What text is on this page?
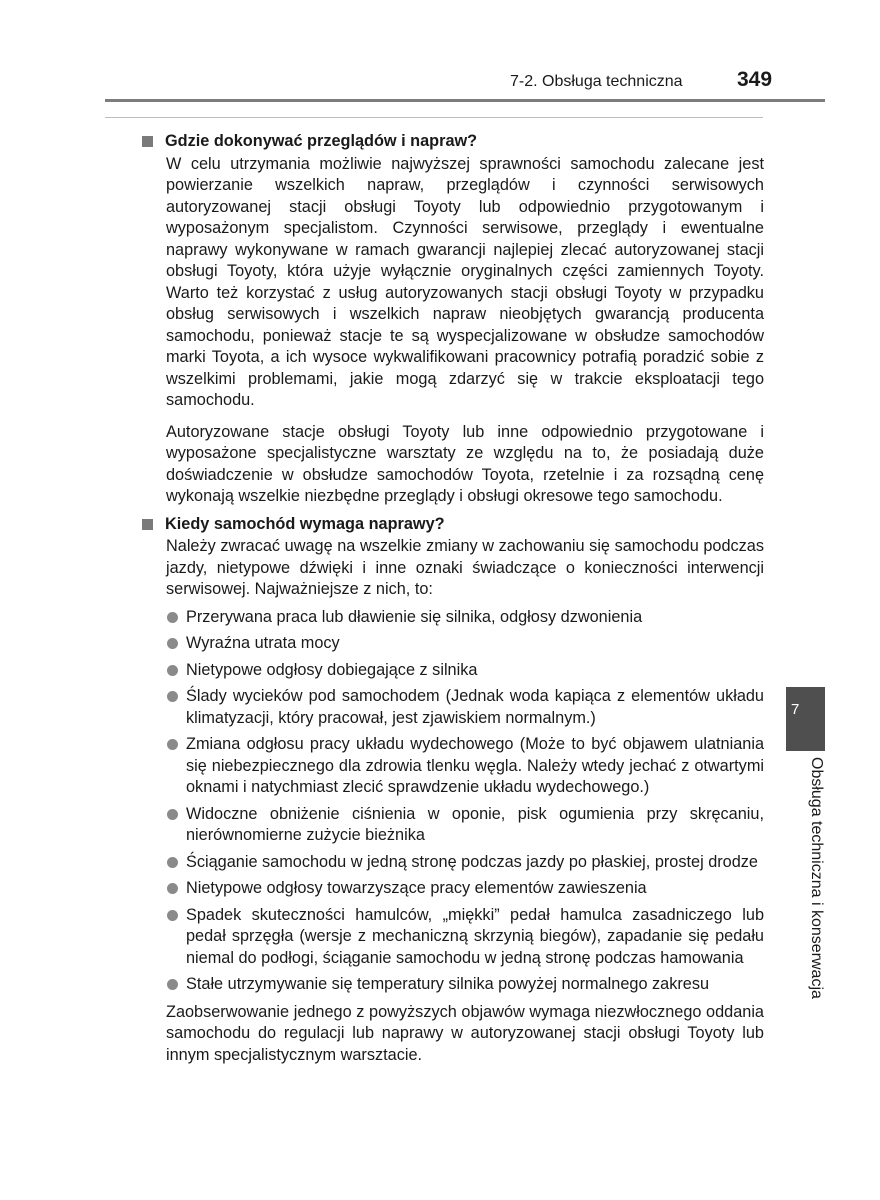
7-2. Obsługa techniczna	349
Gdzie dokonywać przeglądów i napraw?
W celu utrzymania możliwie najwyższej sprawności samochodu zalecane jest powierzanie wszelkich napraw, przeglądów i czynności serwisowych autoryzowanej stacji obsługi Toyoty lub odpowiednio przygotowanym i wyposażonym specjalistom. Czynności serwisowe, przeglądy i ewentualne naprawy wykonywane w ramach gwarancji najlepiej zlecać autoryzowanej stacji obsługi Toyoty, która użyje wyłącznie oryginalnych części zamiennych Toyoty. Warto też korzystać z usług autoryzowanych stacji obsługi Toyoty w przypadku obsług serwisowych i wszelkich napraw nieobjętych gwarancją producenta samochodu, ponieważ stacje te są wyspecjalizowane w obsłudze samochodów marki Toyota, a ich wysoce wykwalifikowani pracownicy potrafią poradzić sobie z wszelkimi problemami, jakie mogą zdarzyć się w trakcie eksploatacji tego samochodu.
Autoryzowane stacje obsługi Toyoty lub inne odpowiednio przygotowane i wyposażone specjalistyczne warsztaty ze względu na to, że posiadają duże doświadczenie w obsłudze samochodów Toyota, rzetelnie i za rozsądną cenę wykonają wszelkie niezbędne przeglądy i obsługi okresowe tego samochodu.
Kiedy samochód wymaga naprawy?
Należy zwracać uwagę na wszelkie zmiany w zachowaniu się samochodu podczas jazdy, nietypowe dźwięki i inne oznaki świadczące o konieczności interwencji serwisowej. Najważniejsze z nich, to:
Przerywana praca lub dławienie się silnika, odgłosy dzwonienia
Wyraźna utrata mocy
Nietypowe odgłosy dobiegające z silnika
Ślady wycieków pod samochodem (Jednak woda kapiąca z elementów układu klimatyzacji, który pracował, jest zjawiskiem normalnym.)
Zmiana odgłosu pracy układu wydechowego (Może to być objawem ulatniania się niebezpiecznego dla zdrowia tlenku węgla. Należy wtedy jechać z otwartymi oknami i natychmiast zlecić sprawdzenie układu wydechowego.)
Widoczne obniżenie ciśnienia w oponie, pisk ogumienia przy skręcaniu, nierównomierne zużycie bieżnika
Ściąganie samochodu w jedną stronę podczas jazdy po płaskiej, prostej drodze
Nietypowe odgłosy towarzyszące pracy elementów zawieszenia
Spadek skuteczności hamulców, „miękki” pedał hamulca zasadniczego lub pedał sprzęgła (wersje z mechaniczną skrzynią biegów), zapadanie się pedału niemal do podłogi, ściąganie samochodu w jedną stronę podczas hamowania
Stałe utrzymywanie się temperatury silnika powyżej normalnego zakresu
Zaobserwowanie jednego z powyższych objawów wymaga niezwłocznego oddania samochodu do regulacji lub naprawy w autoryzowanej stacji obsługi Toyoty lub innym specjalistycznym warsztacie.
7
Obsługa techniczna i konserwacja
